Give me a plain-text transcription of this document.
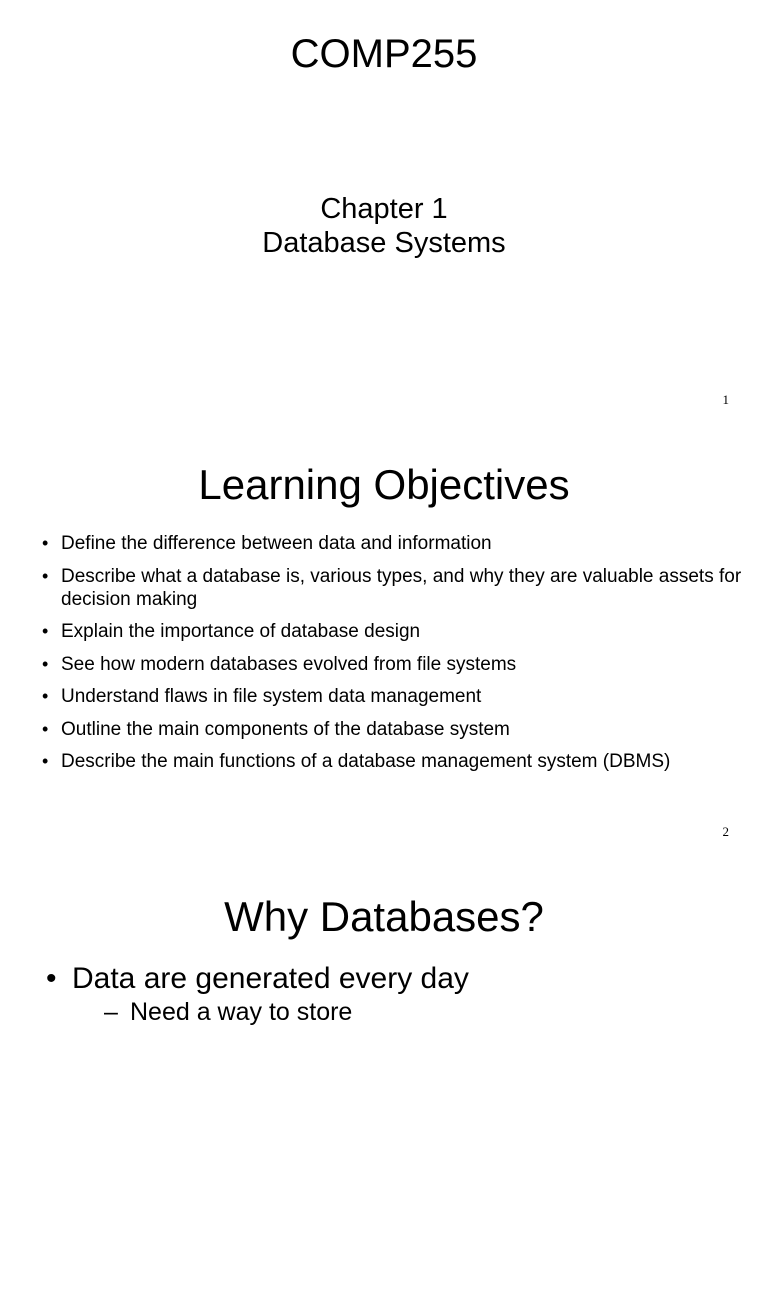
COMP255
Chapter 1
Database Systems
1
Learning Objectives
• Define the difference between data and information
• Describe what a database is, various types, and why they are valuable assets for decision making
• Explain the importance of database design
• See how modern databases evolved from file systems
• Understand flaws in file system data management
• Outline the main components of the database system
• Describe the main functions of a database management system (DBMS)
2
Why Databases?
• Data are generated every day
– Need a way to store
